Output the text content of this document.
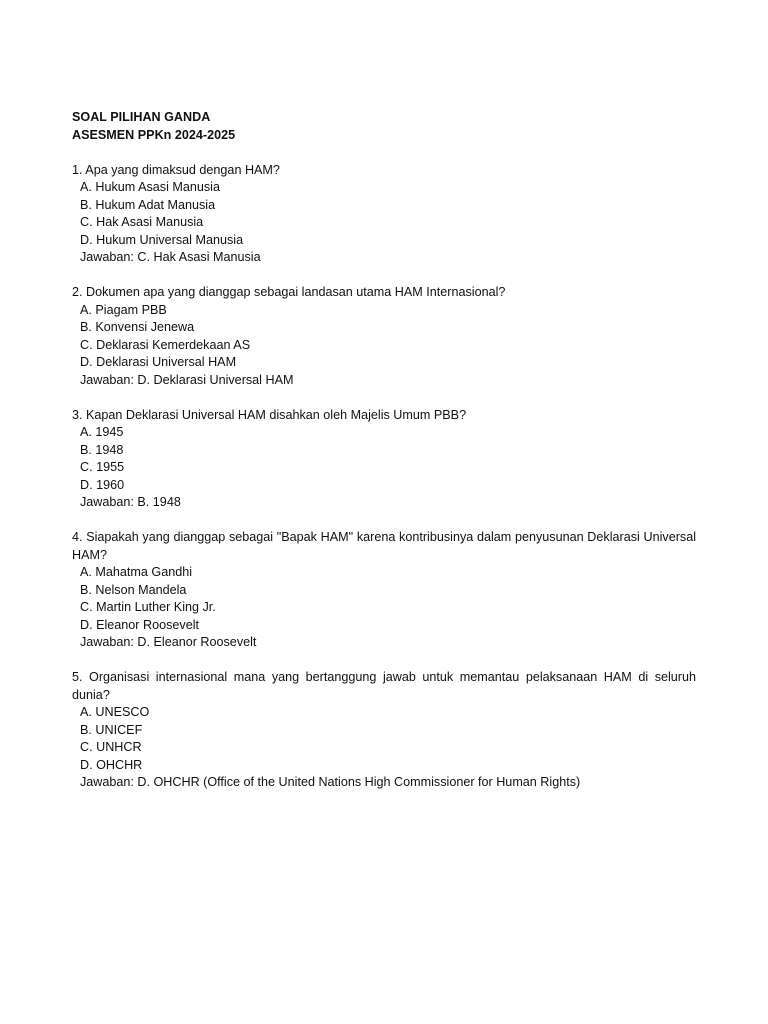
SOAL PILIHAN GANDA

ASESMEN PPKn 2024-2025

1. Apa yang dimaksud dengan HAM?

A. Hukum Asasi Manusia

B. Hukum Adat Manusia

C. Hak Asasi Manusia

D. Hukum Universal Manusia

Jawaban: C. Hak Asasi Manusia

2. Dokumen apa yang dianggap sebagai landasan utama HAM Internasional?

A. Piagam PBB

B. Konvensi Jenewa

C. Deklarasi Kemerdekaan AS

D. Deklarasi Universal HAM

Jawaban: D. Deklarasi Universal HAM

3. Kapan Deklarasi Universal HAM disahkan oleh Majelis Umum PBB?

A. 1945

B. 1948

C. 1955

D. 1960

Jawaban: B. 1948

4. Siapakah yang dianggap sebagai "Bapak HAM" karena kontribusinya dalam penyusunan Deklarasi Universal HAM?

A. Mahatma Gandhi

B. Nelson Mandela

C. Martin Luther King Jr.

D. Eleanor Roosevelt

Jawaban: D. Eleanor Roosevelt

5. Organisasi internasional mana yang bertanggung jawab untuk memantau pelaksanaan HAM di seluruh dunia?

A. UNESCO

B. UNICEF

C. UNHCR

D. OHCHR

Jawaban: D. OHCHR (Office of the United Nations High Commissioner for Human Rights)
